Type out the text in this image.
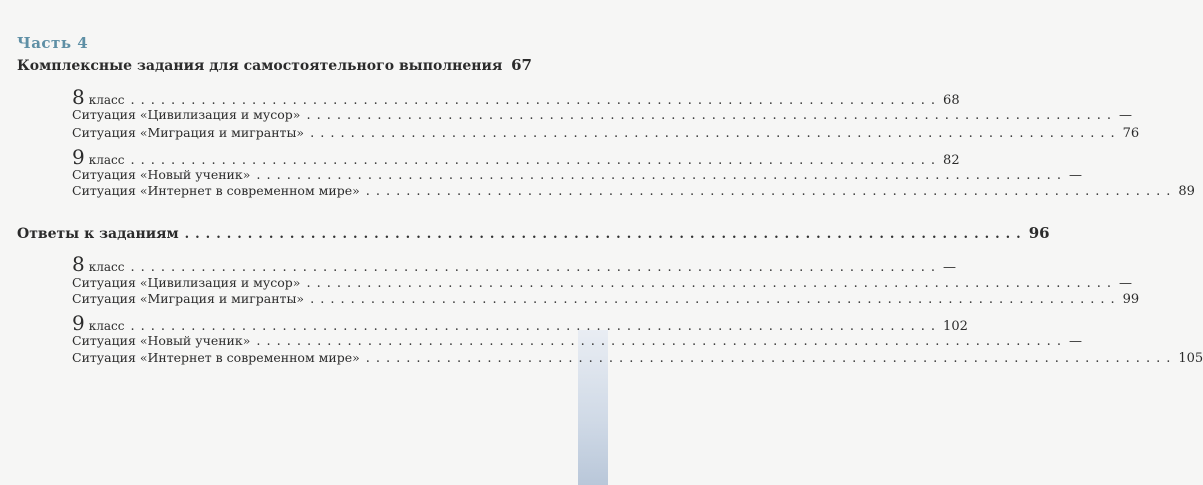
Часть 4
Комплексные задания для самостоятельного выполнения 67
8 класс ................................................................................ 68
Ситуация «Цивилизация и мусор» ................................................................................ —
Ситуация «Миграция и мигранты» ................................................................................ 76
9 класс ................................................................................ 82
Ситуация «Новый ученик» ................................................................................ —
Ситуация «Интернет в современном мире» ................................................................................ 89
Ответы к заданиям ................................................................................ 96
8 класс ................................................................................ —
Ситуация «Цивилизация и мусор» ................................................................................ —
Ситуация «Миграция и мигранты» ................................................................................ 99
9 класс ................................................................................ 102
Ситуация «Новый ученик» ................................................................................ —
Ситуация «Интернет в современном мире» ................................................................................ 105
